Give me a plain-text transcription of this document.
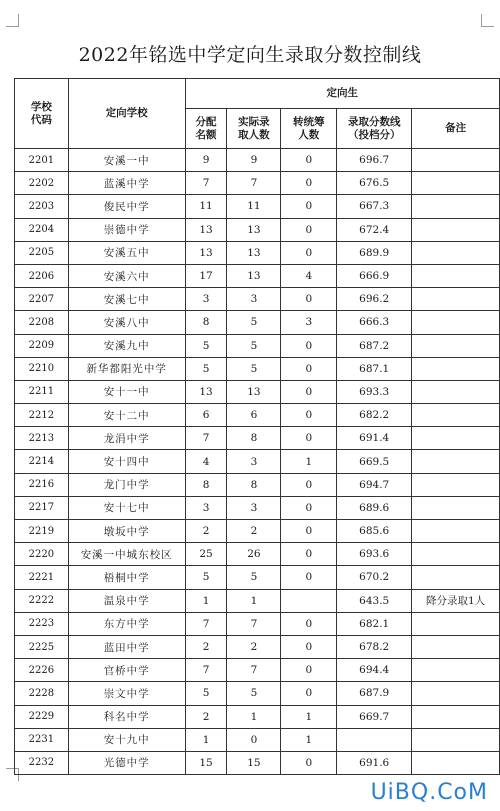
2022年铭选中学定向生录取分数控制线
学校代码	定向学校	定向生				

		分配名额	实际录取人数	转统筹人数	录取分数线（投档分）	备注
2201	安溪一中	9	9	0	696.7	
2202	蓝溪中学	7	7	0	676.5	
2203	俊民中学	11	11	0	667.3	
2204	崇德中学	13	13	0	672.4	
2205	安溪五中	13	13	0	689.9	
2206	安溪六中	17	13	4	666.9	
2207	安溪七中	3	3	0	696.2	
2208	安溪八中	8	5	3	666.3	
2209	安溪九中	5	5	0	687.2	
2210	新华都阳光中学	5	5	0	687.1	
2211	安十一中	13	13	0	693.3	
2212	安十二中	6	6	0	682.2	
2213	龙涓中学	7	8	0	691.4	
2214	安十四中	4	3	1	669.5	
2216	龙门中学	8	8	0	694.7	
2217	安十七中	3	3	0	689.6	
2219	墩坂中学	2	2	0	685.6	
2220	安溪一中城东校区	25	26	0	693.6	
2221	梧桐中学	5	5	0	670.2	
2222	温泉中学	1	1		643.5	降分录取1人
2223	东方中学	7	7	0	682.1	
2225	蓝田中学	2	2	0	678.2	
2226	官桥中学	7	7	0	694.4	
2228	崇文中学	5	5	0	687.9	
2229	科名中学	2	1	1	669.7	
2231	安十九中	1	0	1		
2232	光德中学	15	15	0	691.6	
UiBQ.CoM
